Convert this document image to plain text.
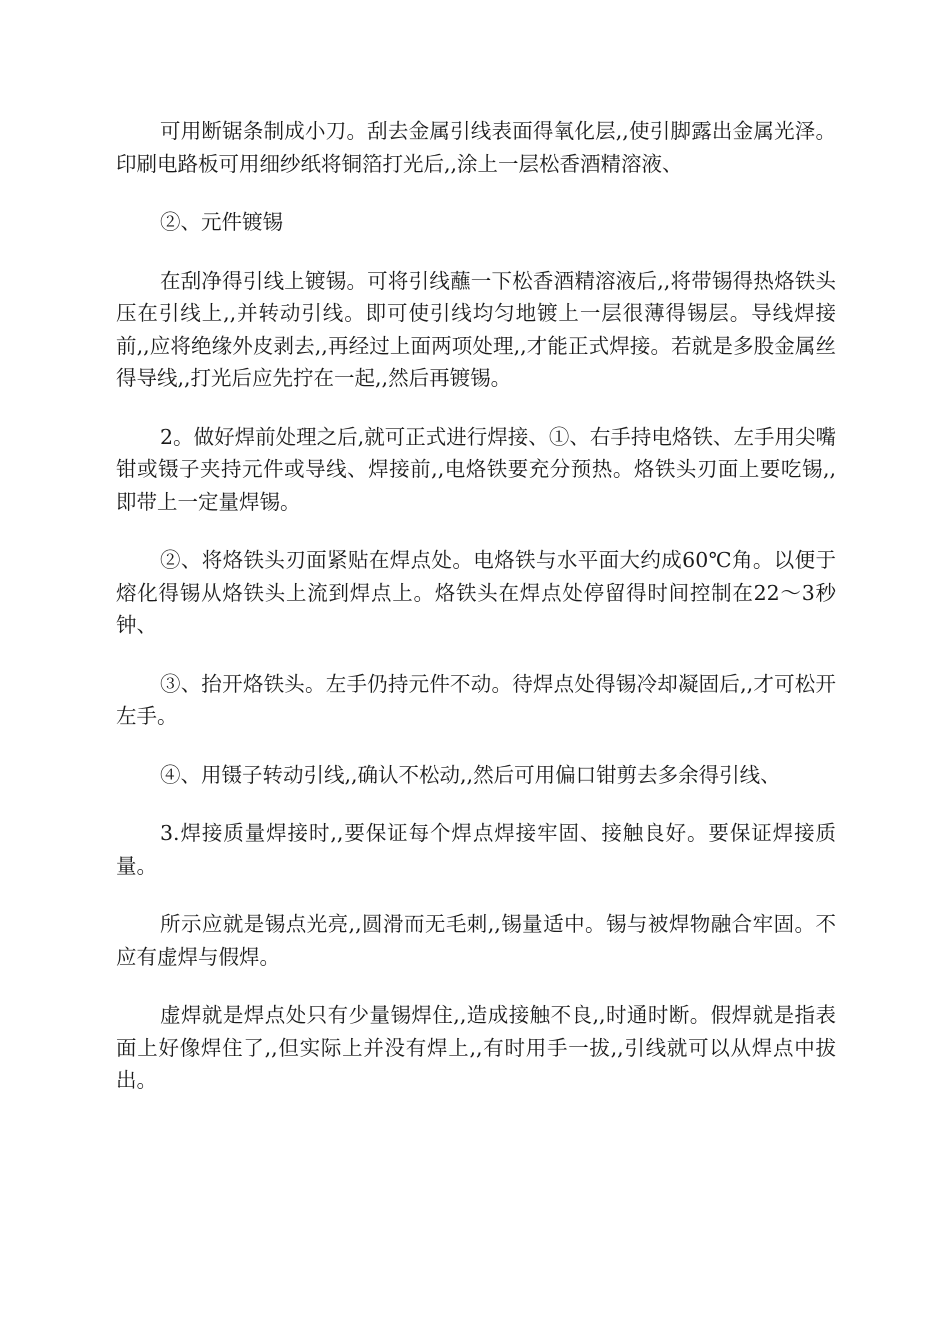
可用断锯条制成小刀。刮去金属引线表面得氧化层,,使引脚露出金属光泽。印刷电路板可用细纱纸将铜箔打光后,,涂上一层松香酒精溶液、

②、元件镀锡

在刮净得引线上镀锡。可将引线蘸一下松香酒精溶液后,,将带锡得热烙铁头压在引线上,,并转动引线。即可使引线均匀地镀上一层很薄得锡层。导线焊接前,,应将绝缘外皮剥去,,再经过上面两项处理,,才能正式焊接。若就是多股金属丝得导线,,打光后应先拧在一起,,然后再镀锡。

2。做好焊前处理之后,就可正式进行焊接、①、右手持电烙铁、左手用尖嘴钳或镊子夹持元件或导线、焊接前,,电烙铁要充分预热。烙铁头刃面上要吃锡,,即带上一定量焊锡。

②、将烙铁头刃面紧贴在焊点处。电烙铁与水平面大约成60℃角。以便于熔化得锡从烙铁头上流到焊点上。烙铁头在焊点处停留得时间控制在22～3秒钟、

③、抬开烙铁头。左手仍持元件不动。待焊点处得锡冷却凝固后,,才可松开左手。

④、用镊子转动引线,,确认不松动,,然后可用偏口钳剪去多余得引线、

3.焊接质量焊接时,,要保证每个焊点焊接牢固、接触良好。要保证焊接质量。

所示应就是锡点光亮,,圆滑而无毛刺,,锡量适中。锡与被焊物融合牢固。不应有虚焊与假焊。

虚焊就是焊点处只有少量锡焊住,,造成接触不良,,时通时断。假焊就是指表面上好像焊住了,,但实际上并没有焊上,,有时用手一拔,,引线就可以从焊点中拔出。
